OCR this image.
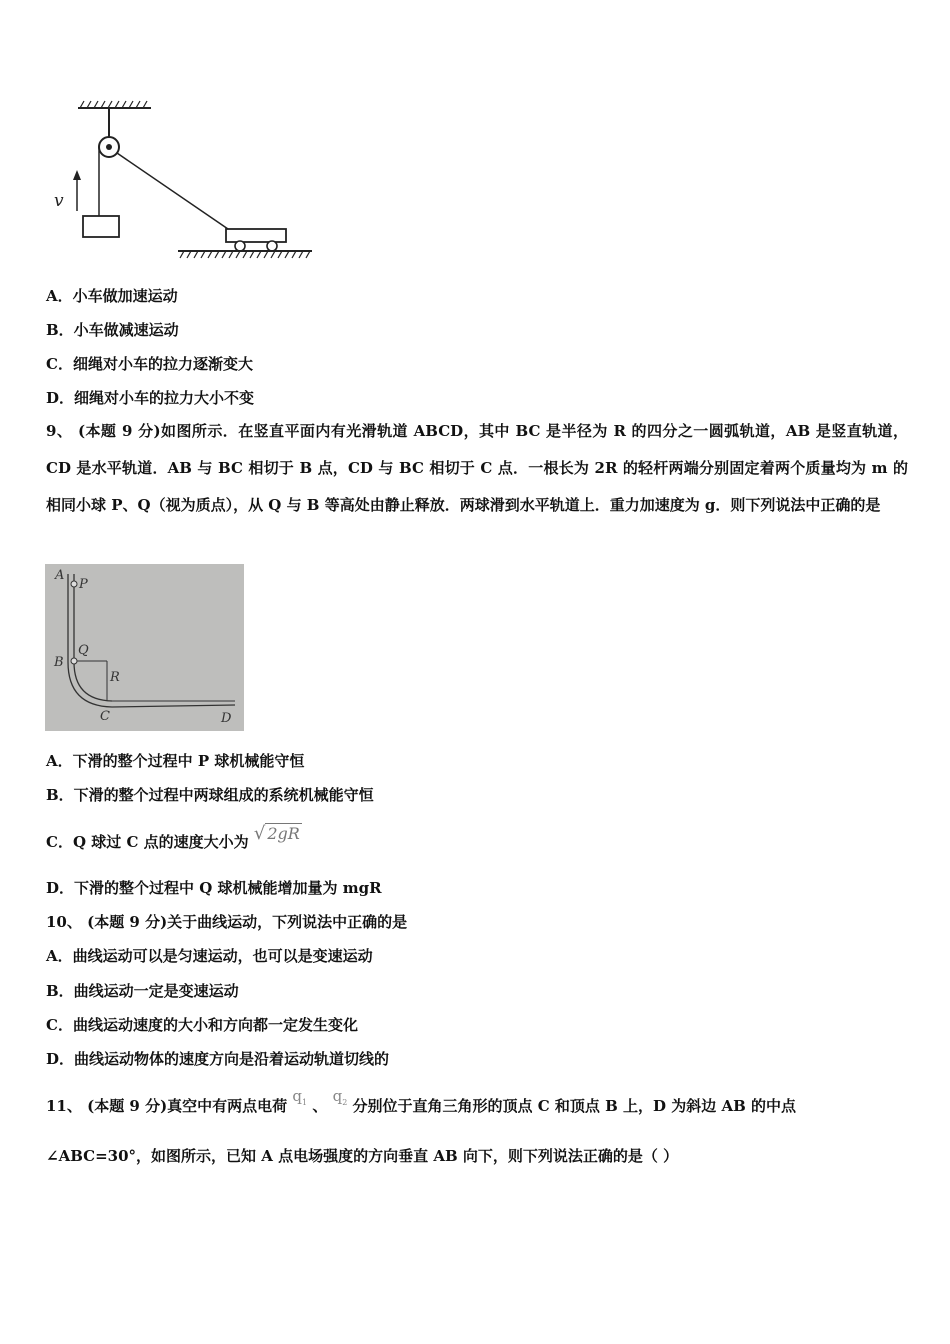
v
A．小车做加速运动
B．小车做减速运动
C．细绳对小车的拉力逐渐变大
D．细绳对小车的拉力大小不变
9、 (本题 9 分)如图所示．在竖直平面内有光滑轨道 ABCD，其中 BC 是半径为 R 的四分之一圆弧轨道，AB 是竖直轨道，CD 是水平轨道．AB 与 BC 相切于 B 点，CD 与 BC 相切于 C 点．一根长为 2R 的轻杆两端分别固定着两个质量均为 m 的相同小球 P、Q（视为质点），从 Q 与 B 等高处由静止释放．两球滑到水平轨道上．重力加速度为 g．则下列说法中正确的是
A
P
B
Q
R
C	D
A．下滑的整个过程中 P 球机械能守恒
B．下滑的整个过程中两球组成的系统机械能守恒
C．Q 球过 C 点的速度大小为 √ 2gR
D．下滑的整个过程中 Q 球机械能增加量为 mgR
10、 (本题 9 分)关于曲线运动，下列说法中正确的是
A．曲线运动可以是匀速运动，也可以是变速运动
B．曲线运动一定是变速运动
C．曲线运动速度的大小和方向都一定发生变化
D．曲线运动物体的速度方向是沿着运动轨道切线的
11、 (本题 9 分)真空中有两点电荷 $q_1$ 、 $q_2$ 分别位于直角三角形的顶点 C 和顶点 B 上，D 为斜边 AB 的中点
∠ABC=30°，如图所示，已知 A 点电场强度的方向垂直 AB 向下，则下列说法正确的是（ ）
